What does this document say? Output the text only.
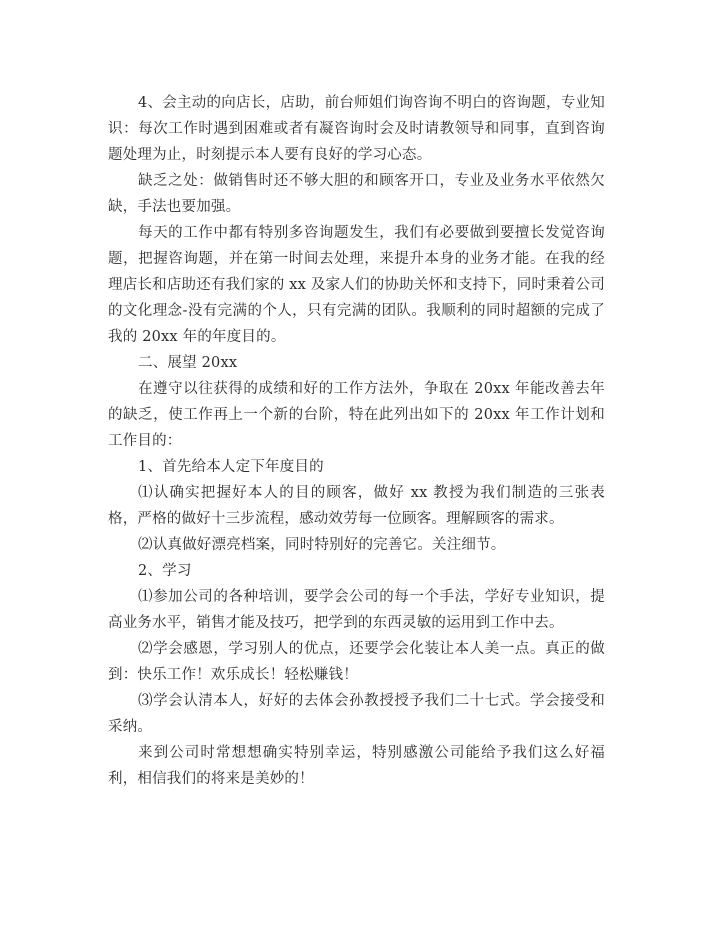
4、会主动的向店长，店助，前台师姐们询咨询不明白的咨询题，专业知识：每次工作时遇到困难或者有凝咨询时会及时请教领导和同事，直到咨询题处理为止，时刻提示本人要有良好的学习心态。

缺乏之处：做销售时还不够大胆的和顾客开口，专业及业务水平依然欠缺，手法也要加强。

每天的工作中都有特别多咨询题发生，我们有必要做到要擅长发觉咨询题，把握咨询题，并在第一时间去处理，来提升本身的业务才能。在我的经理店长和店助还有我们家的 xx 及家人们的协助关怀和支持下，同时秉着公司的文化理念-没有完满的个人，只有完满的团队。我顺利的同时超额的完成了我的 20xx 年的年度目的。

二、展望 20xx

在遵守以往获得的成绩和好的工作方法外，争取在 20xx 年能改善去年的缺乏，使工作再上一个新的台阶，特在此列出如下的 20xx 年工作计划和工作目的：

1、首先给本人定下年度目的

⑴认确实把握好本人的目的顾客，做好 xx 教授为我们制造的三张表格，严格的做好十三步流程，感动效劳每一位顾客。理解顾客的需求。

⑵认真做好漂亮档案，同时特别好的完善它。关注细节。

2、学习

⑴参加公司的各种培训，要学会公司的每一个手法，学好专业知识，提高业务水平，销售才能及技巧，把学到的东西灵敏的运用到工作中去。

⑵学会感恩，学习别人的优点，还要学会化装让本人美一点。真正的做到：快乐工作！欢乐成长！轻松赚钱！

⑶学会认清本人，好好的去体会孙教授授予我们二十七式。学会接受和采纳。

来到公司时常想想确实特别幸运，特别感激公司能给予我们这么好福利，相信我们的将来是美妙的！
